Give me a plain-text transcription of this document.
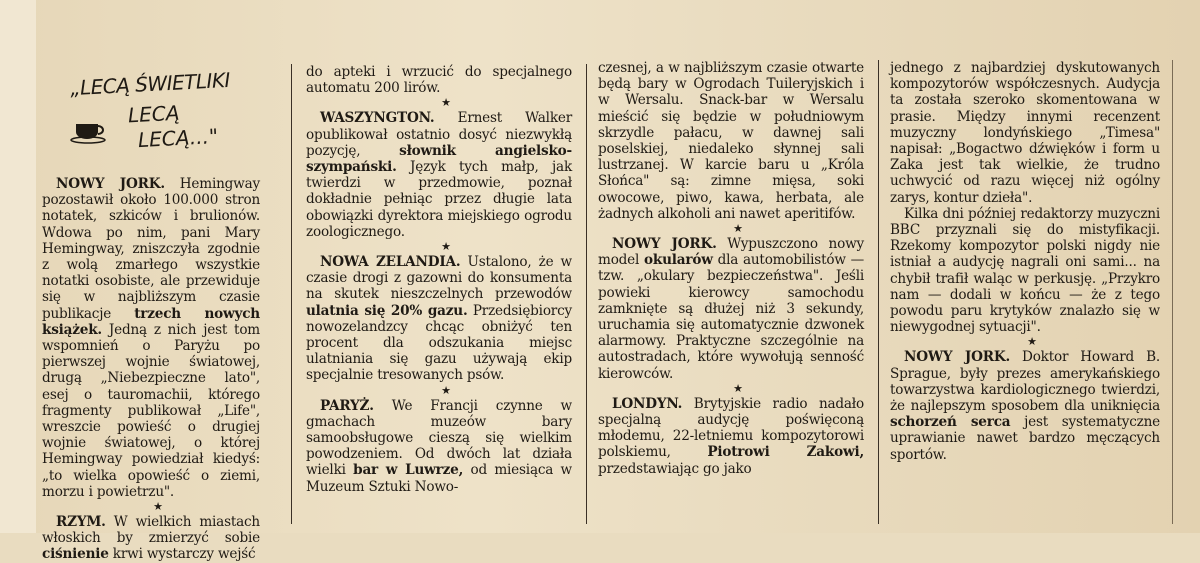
„LECĄ ŚWIETLIKI
LECĄ
LECĄ..."

NOWY JORK. Hemingway pozostawił około 100.000 stron notatek, szkiców i brulionów. Wdowa po nim, pani Mary Hemingway, zniszczyła zgodnie z wolą zmarłego wszystkie notatki osobiste, ale przewiduje się w najbliższym czasie publikacje trzech nowych książek. Jedną z nich jest tom wspomnień o Paryżu po pierwszej wojnie światowej, drugą „Niebezpieczne lato", esej o tauromachii, którego fragmenty publikował „Life", wreszcie powieść o drugiej wojnie światowej, o której Hemingway powiedział kiedyś: „to wielka opowieść o ziemi, morzu i powietrzu".

★

RZYM. W wielkich miastach włoskich by zmierzyć sobie ciśnienie krwi wystarczy wejść

do apteki i wrzucić do specjalnego automatu 200 lirów.

★

WASZYNGTON. Ernest Walker opublikował ostatnio dosyć niezwykłą pozycję, słownik angielsko-szympański. Język tych małp, jak twierdzi w przedmowie, poznał dokładnie pełniąc przez długie lata obowiązki dyrektora miejskiego ogrodu zoologicznego.

★

NOWA ZELANDIA. Ustalono, że w czasie drogi z gazowni do konsumenta na skutek nieszczelnych przewodów ulatnia się 20% gazu. Przedsiębiorcy nowozelandzcy chcąc obniżyć ten procent dla odszukania miejsc ulatniania się gazu używają ekip specjalnie tresowanych psów.

★

PARYŻ. We Francji czynne w gmachach muzeów bary samoobsługowe cieszą się wielkim powodzeniem. Od dwóch lat działa wielki bar w Luwrze, od miesiąca w Muzeum Sztuki Nowo-

czesnej, a w najbliższym czasie otwarte będą bary w Ogrodach Tuileryjskich i w Wersalu. Snack-bar w Wersalu mieścić się będzie w południowym skrzydle pałacu, w dawnej sali poselskiej, niedaleko słynnej sali lustrzanej. W karcie baru u „Króla Słońca" są: zimne mięsa, soki owocowe, piwo, kawa, herbata, ale żadnych alkoholi ani nawet aperitifów.

★

NOWY JORK. Wypuszczono nowy model okularów dla automobilistów — tzw. „okulary bezpieczeństwa". Jeśli powieki kierowcy samochodu zamknięte są dłużej niż 3 sekundy, uruchamia się automatycznie dzwonek alarmowy. Praktyczne szczególnie na autostradach, które wywołują senność kierowców.

★

LONDYN. Brytyjskie radio nadało specjalną audycję poświęconą młodemu, 22-letniemu kompozytorowi polskiemu, Piotrowi Zakowi, przedstawiając go jako

jednego z najbardziej dyskutowanych kompozytorów współczesnych. Audycja ta została szeroko skomentowana w prasie. Między innymi recenzent muzyczny londyńskiego „Timesa" napisał: „Bogactwo dźwięków i form u Zaka jest tak wielkie, że trudno uchwycić od razu więcej niż ogólny zarys, kontur dzieła".

Kilka dni później redaktorzy muzyczni BBC przyznali się do mistyfikacji. Rzekomy kompozytor polski nigdy nie istniał a audycję nagrali oni sami... na chybił trafił waląc w perkusję. „Przykro nam — dodali w końcu — że z tego powodu paru krytyków znalazło się w niewygodnej sytuacji".

★

NOWY JORK. Doktor Howard B. Sprague, były prezes amerykańskiego towarzystwa kardiologicznego twierdzi, że najlepszym sposobem dla uniknięcia schorzeń serca jest systematyczne uprawianie nawet bardzo męczących sportów.
